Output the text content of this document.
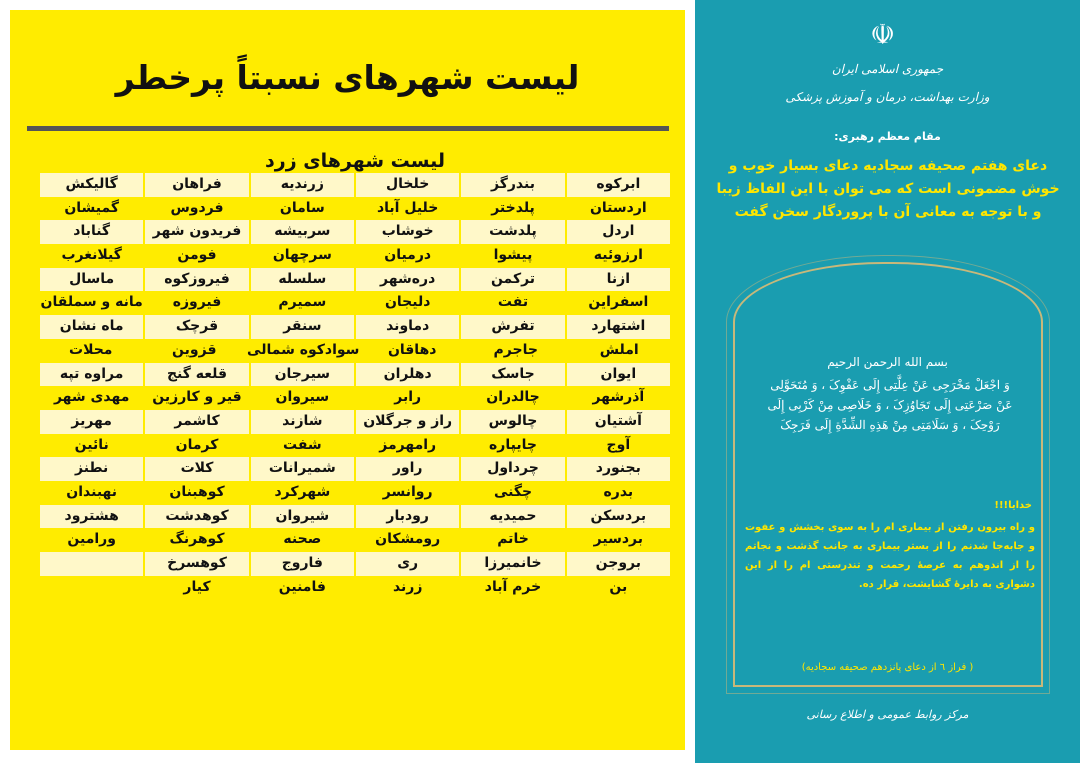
لیست شهرهای نسبتاً پرخطر
لیست شهرهای زرد
ابرکوه
بندرگز
خلخال
زرندیه
فراهان
گالیکش
اردستان
پلدختر
خلیل آباد
سامان
فردوس
گمیشان
اردل
پلدشت
خوشاب
سربیشه
فریدون شهر
گناباد
ارزوئیه
پیشوا
درمیان
سرچهان
فومن
گیلانغرب
ازنا
ترکمن
دره‌شهر
سلسله
فیروزکوه
ماسال
اسفراین
تفت
دلیجان
سمیرم
فیروزه
مانه و سملقان
اشتهارد
تفرش
دماوند
سنقر
قرچک
ماه نشان
املش
جاجرم
دهاقان
سوادکوه شمالی
قزوین
محلات
ایوان
جاسک
دهلران
سیرجان
قلعه گنج
مراوه تپه
آذرشهر
چالدران
رابر
سیروان
قیر و کارزین
مهدی شهر
آشتیان
چالوس
راز و جرگلان
شازند
کاشمر
مهریز
آوج
چایپاره
رامهرمز
شفت
کرمان
نائین
بجنورد
چرداول
راور
شمیرانات
کلات
نطنز
بدره
چگنی
روانسر
شهرکرد
کوهبنان
نهبندان
بردسکن
حمیدیه
رودبار
شیروان
کوهدشت
هشترود
بردسیر
خاتم
رومشکان
صحنه
کوهرنگ
ورامین
بروجن
خانمیرزا
ری
فاروج
کوهسرخ
بن
خرم آباد
زرند
فامنین
کیار
☫
جمهوری اسلامی ایران
وزارت بهداشت، درمان و آموزش پزشکی
مقام معظم رهبری:
دعای هفتم صحیفه سجادیه دعای بسیار خوب و خوش مضمونی است که می توان با این الفاظ زیبا و با توجه به معانی آن با پروردگار سخن گفت
بسم الله الرحمن الرحيم
وَ اجْعَلْ مَخْرَجِی عَنْ عِلَّتِی إِلَی عَفْوِکَ ، وَ مُتَحَوَّلِی عَنْ صَرْعَتِی إِلَی تَجَاوُزِکَ ، وَ خَلَاصِی مِنْ کَرْبِی إِلَی رَوْحِکَ ، وَ سَلَامَتِی مِنْ هَذِهِ الشِّدَّةِ إِلَی فَرَجِکَ
خدایا!!!
و راه بیرون رفتن از بیماری ام را به سوی بخشش و عفوت و جابه‌جا شدنم را از بستر بیماری به جانب گذشت و نجاتم را از اندوهم به عرصهٔ رحمت و تندرستی ام را از این دشواری به دایرهٔ گشایشت، قرار ده.
( فراز ٦ از دعای پانزدهم صحیفه سجادیه)
مرکز روابط عمومی و اطلاع رسانی
